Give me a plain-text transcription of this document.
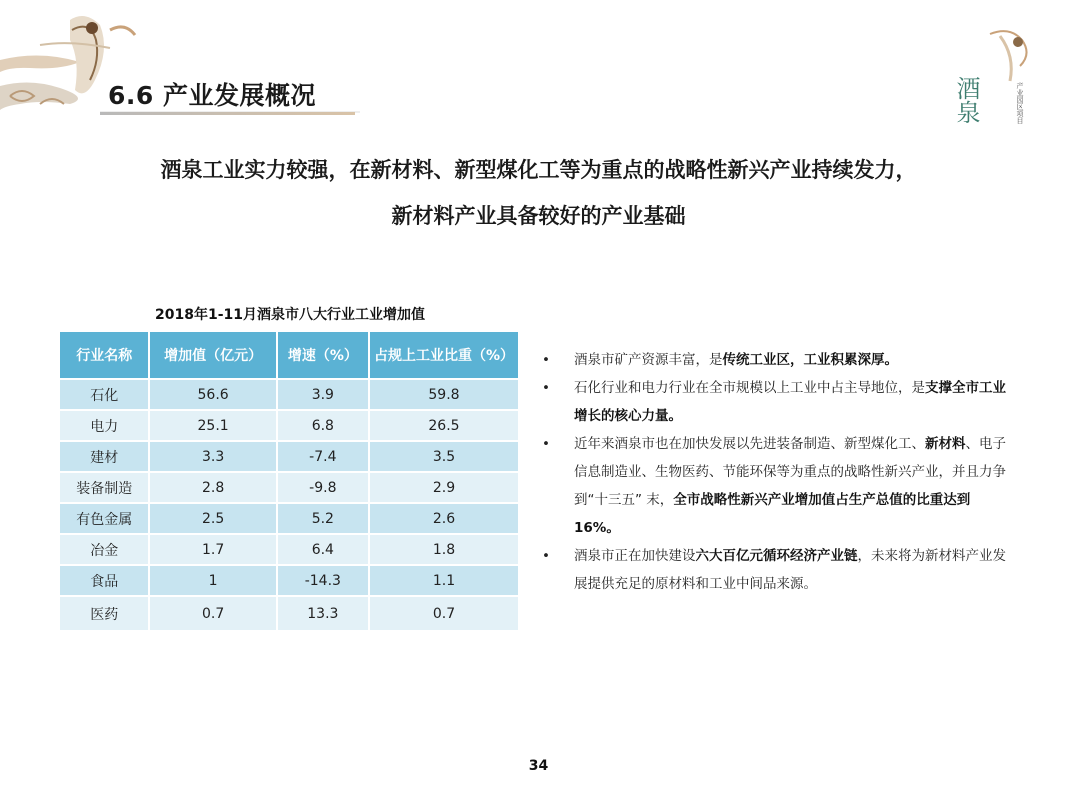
6.6 产业发展概况	酒泉	产业园区项目
酒泉工业实力较强，在新材料、新型煤化工等为重点的战略性新兴产业持续发力，
新材料产业具备较好的产业基础
2018年1-11月酒泉市八大行业工业增加值
行业名称	增加值（亿元）	增速（%）	占规上工业比重（%）
石化	56.6	3.9	59.8
电力	25.1	6.8	26.5
建材	3.3	-7.4	3.5
装备制造	2.8	-9.8	2.9
有色金属	2.5	5.2	2.6
冶金	1.7	6.4	1.8
食品	1	-14.3	1.1
医药	0.7	13.3	0.7
• 酒泉市矿产资源丰富，是传统工业区，工业积累深厚。
• 石化行业和电力行业在全市规模以上工业中占主导地位，是支撑全市工业增长的核心力量。
• 近年来酒泉市也在加快发展以先进装备制造、新型煤化工、新材料、电子信息制造业、生物医药、节能环保等为重点的战略性新兴产业，并且力争到“十三五” 末，全市战略性新兴产业增加值占生产总值的比重达到16%。
• 酒泉市正在加快建设六大百亿元循环经济产业链，未来将为新材料产业发展提供充足的原材料和工业中间品来源。
34
